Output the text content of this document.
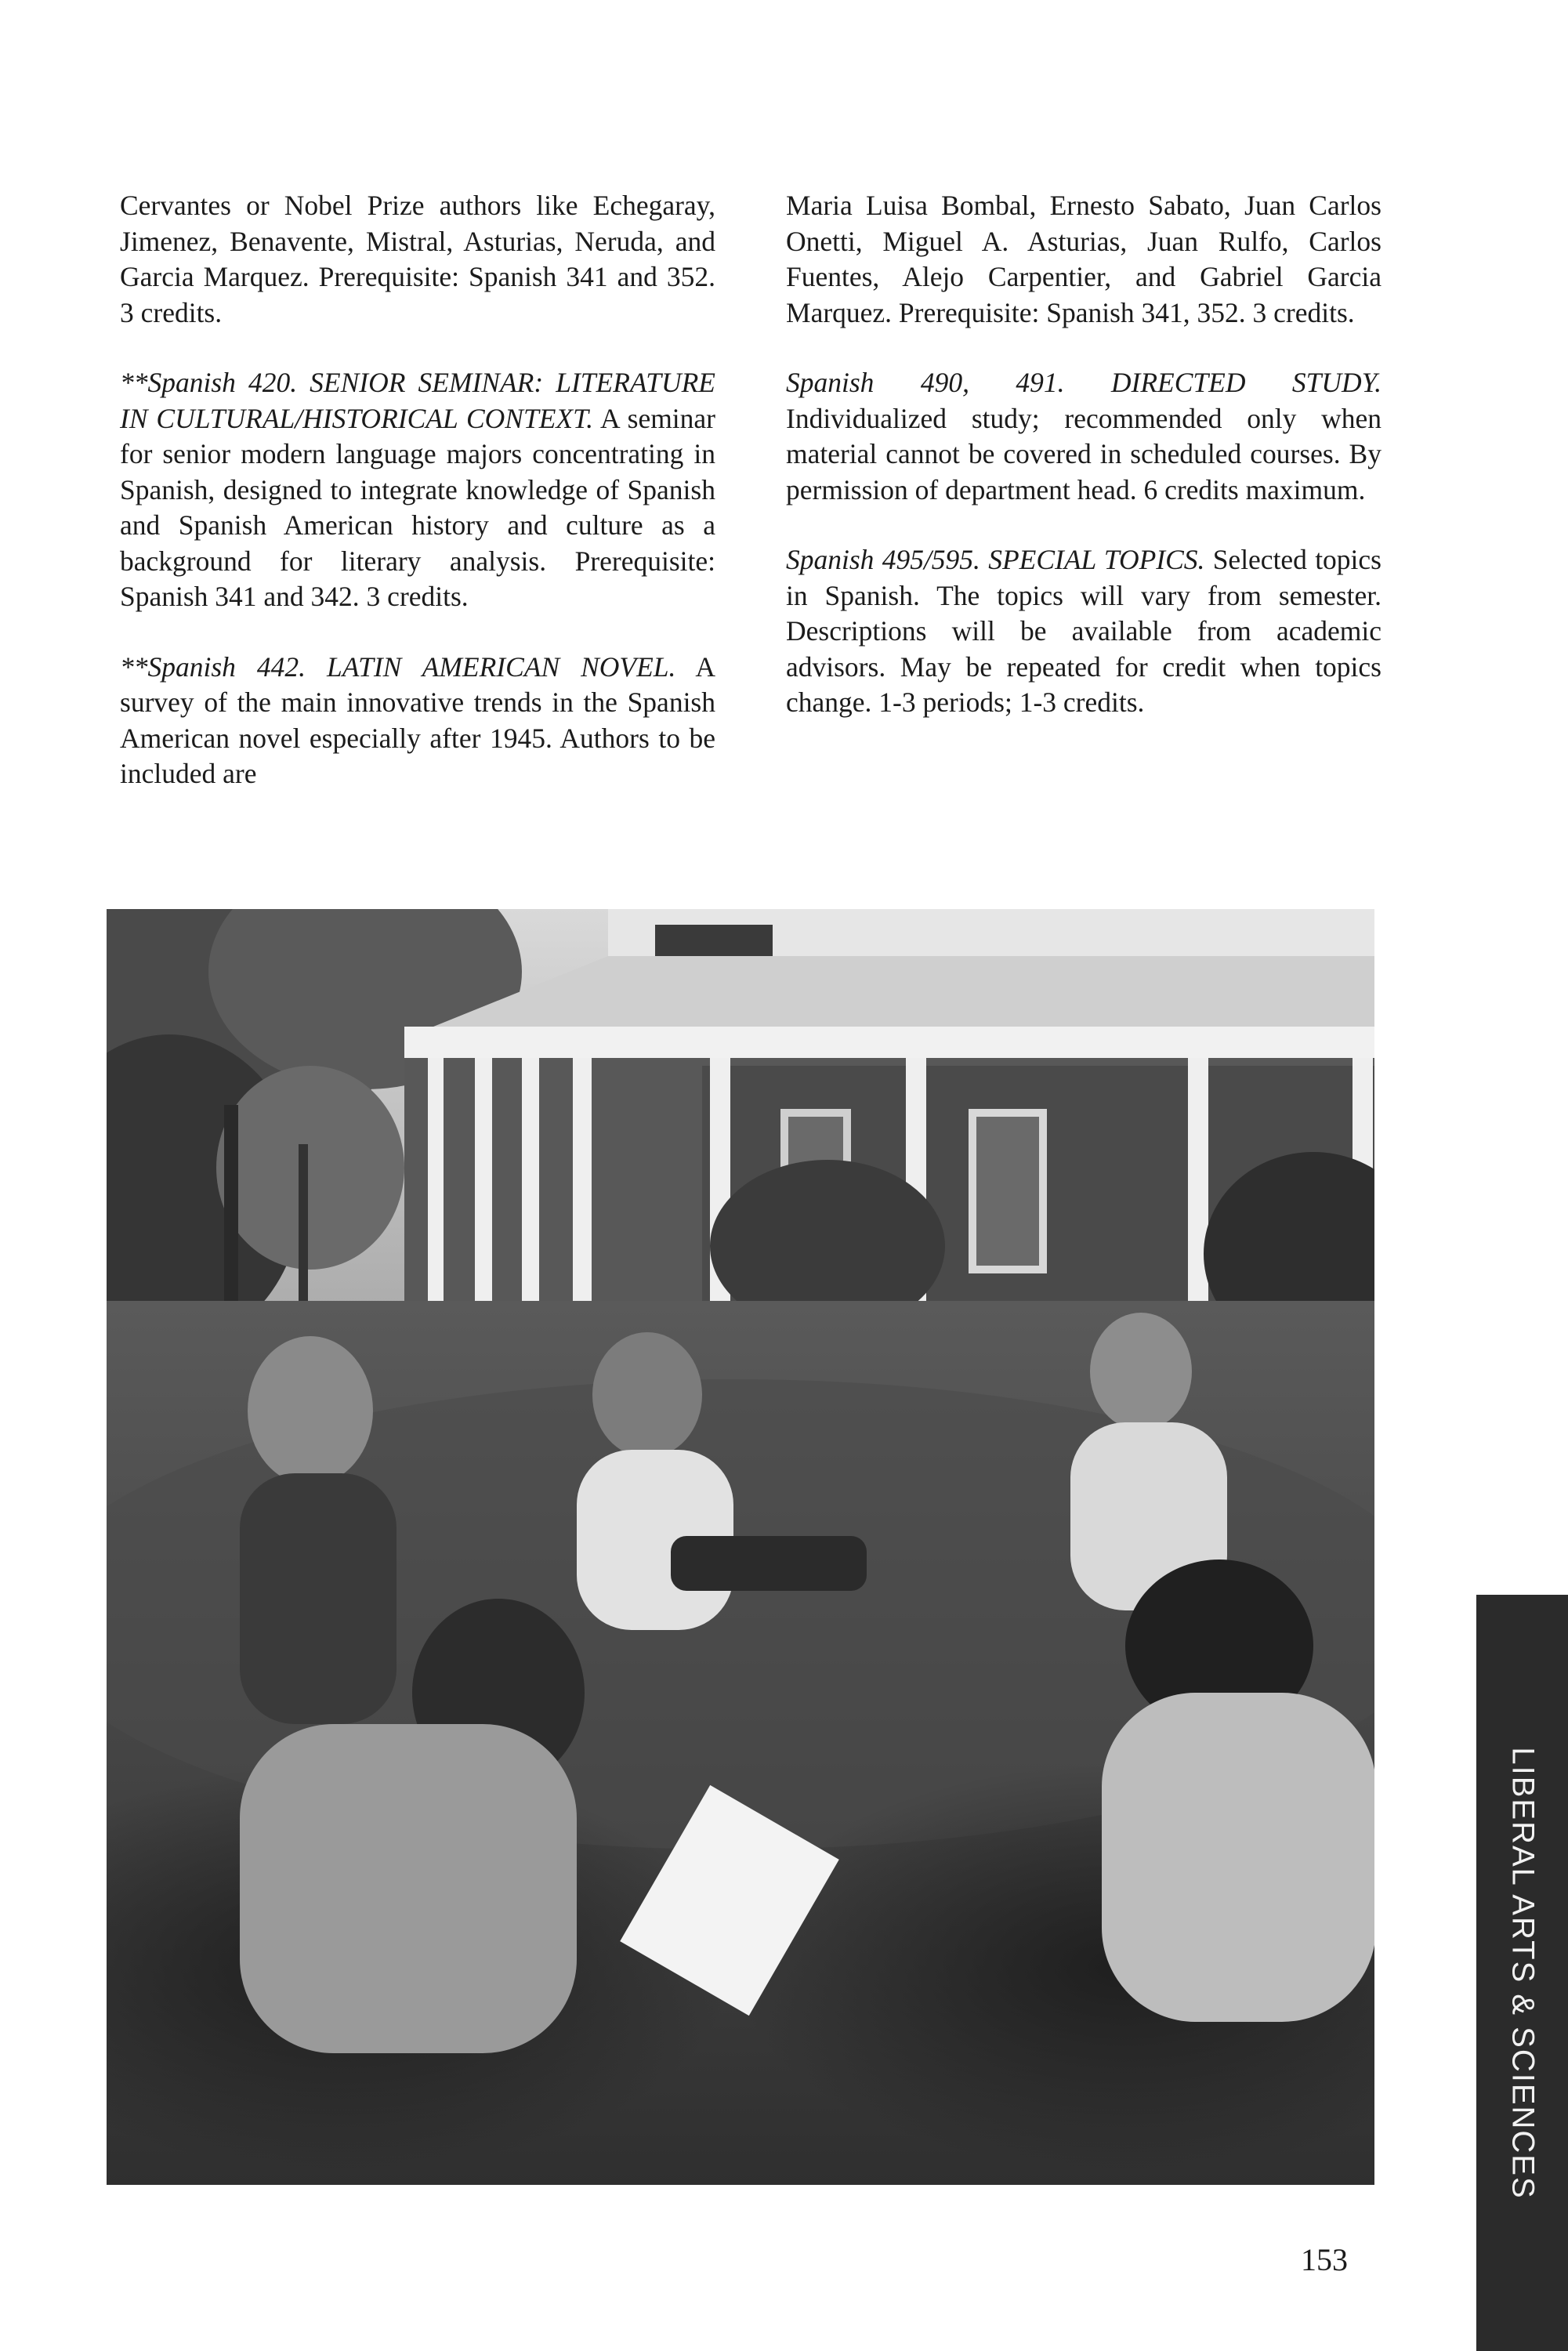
Cervantes or Nobel Prize authors like Echegaray, Jimenez, Benavente, Mistral, Asturias, Neruda, and Garcia Marquez. Prerequisite: Spanish 341 and 352. 3 credits.

**Spanish 420. SENIOR SEMINAR: LITERATURE IN CULTURAL/HISTORICAL CONTEXT. A seminar for senior modern language majors concentrating in Spanish, designed to integrate knowledge of Spanish and Spanish American history and culture as a background for literary analysis. Prerequisite: Spanish 341 and 342. 3 credits.

**Spanish 442. LATIN AMERICAN NOVEL. A survey of the main innovative trends in the Spanish American novel especially after 1945. Authors to be included are

Maria Luisa Bombal, Ernesto Sabato, Juan Carlos Onetti, Miguel A. Asturias, Juan Rulfo, Carlos Fuentes, Alejo Carpentier, and Gabriel Garcia Marquez. Prerequisite: Spanish 341, 352. 3 credits.

Spanish 490, 491. DIRECTED STUDY. Individualized study; recommended only when material cannot be covered in scheduled courses. By permission of department head. 6 credits maximum.

Spanish 495/595. SPECIAL TOPICS. Selected topics in Spanish. The topics will vary from semester. Descriptions will be available from academic advisors. May be repeated for credit when topics change. 1-3 periods; 1-3 credits.

LIBERAL ARTS & SCIENCES
153
